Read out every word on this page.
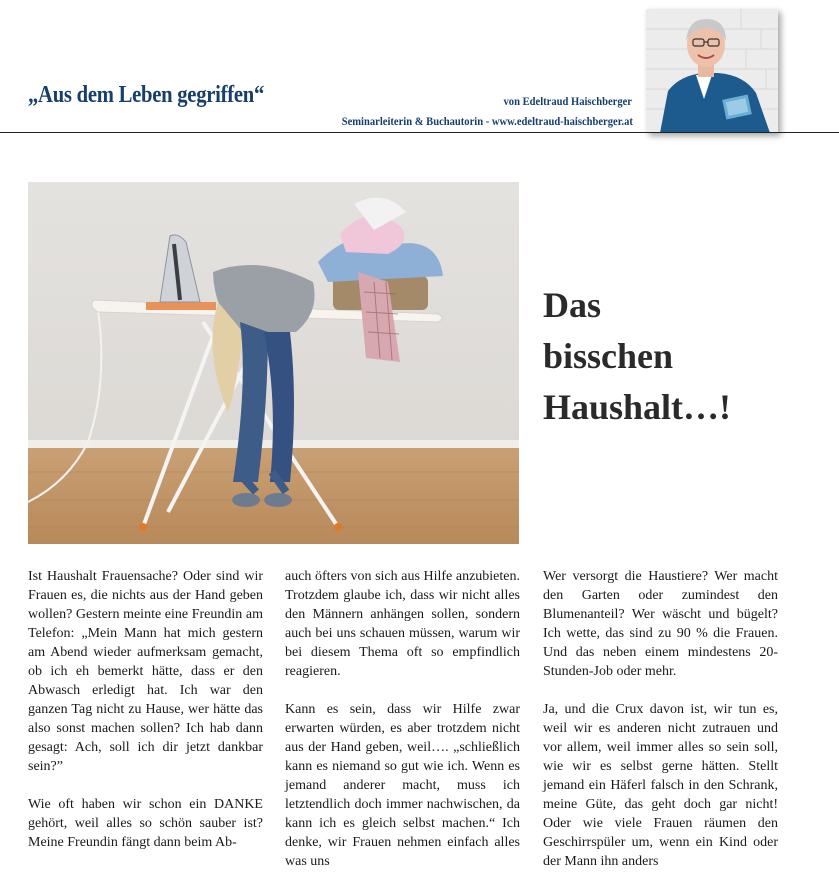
„Aus dem Leben gegriffen“	von Edeltraud Haischberger
Seminarleiterin & Buchautorin - www.edeltraud-haischberger.at
Das
bisschen
Haushalt…!

Ist Haushalt Frauensache? Oder sind wir Frauen es, die nichts aus der Hand geben wollen? Gestern meinte eine Freundin am Telefon: „Mein Mann hat mich gestern am Abend wieder aufmerksam gemacht, ob ich eh bemerkt hätte, dass er den Abwasch erledigt hat. Ich war den ganzen Tag nicht zu Hause, wer hätte das also sonst machen sollen? Ich hab dann gesagt: Ach, soll ich dir jetzt dankbar sein?”

Wie oft haben wir schon ein DANKE gehört, weil alles so schön sauber ist? Meine Freundin fängt dann beim Ab-

auch öfters von sich aus Hilfe anzubieten. Trotzdem glaube ich, dass wir nicht alles den Männern anhängen sollen, sondern auch bei uns schauen müssen, warum wir bei diesem Thema oft so empfindlich reagieren.

Kann es sein, dass wir Hilfe zwar erwarten würden, es aber trotzdem nicht aus der Hand geben, weil…. „schließlich kann es niemand so gut wie ich. Wenn es jemand anderer macht, muss ich letztendlich doch immer nachwischen, da kann ich es gleich selbst machen.“ Ich denke, wir Frauen nehmen einfach alles was uns

Wer versorgt die Haustiere? Wer macht den Garten oder zumindest den Blumenanteil? Wer wäscht und bügelt? Ich wette, das sind zu 90 % die Frauen. Und das neben einem mindestens 20-Stunden-Job oder mehr.

Ja, und die Crux davon ist, wir tun es, weil wir es anderen nicht zutrauen und vor allem, weil immer alles so sein soll, wie wir es selbst gerne hätten. Stellt jemand ein Häferl falsch in den Schrank, meine Güte, das geht doch gar nicht! Oder wie viele Frauen räumen den Geschirrspüler um, wenn ein Kind oder der Mann ihn anders
